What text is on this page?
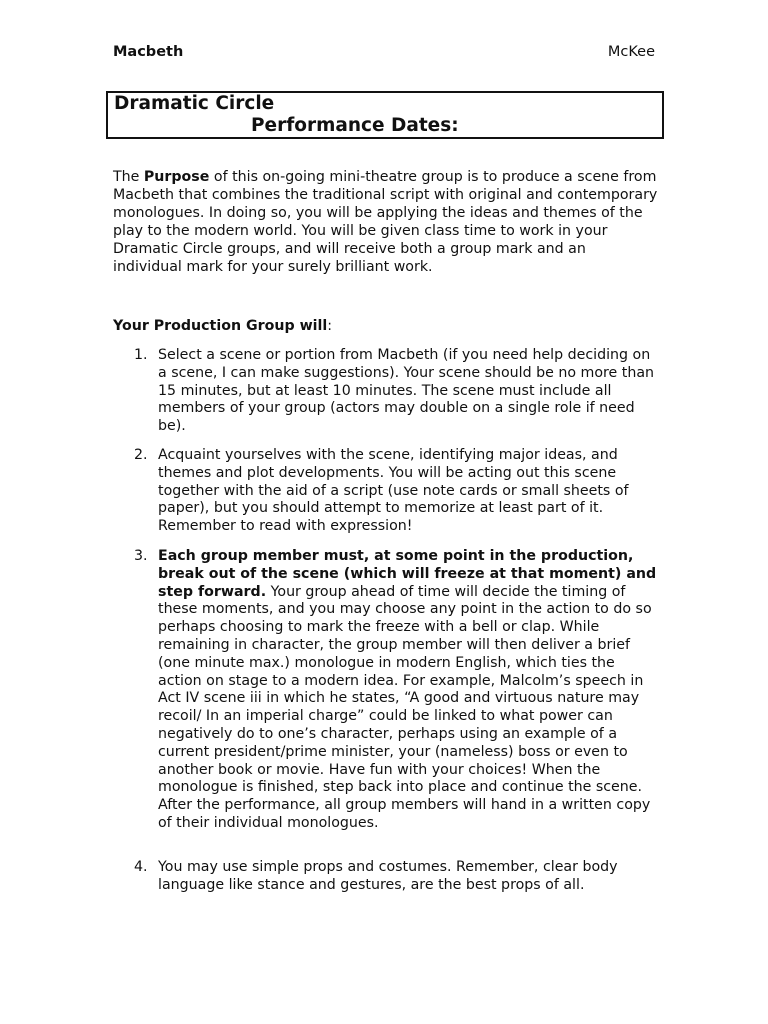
Macbeth	McKee
Dramatic Circle
Performance Dates:
The Purpose of this on-going mini-theatre group is to produce a scene from Macbeth that combines the traditional script with original and contemporary monologues. In doing so, you will be applying the ideas and themes of the play to the modern world. You will be given class time to work in your Dramatic Circle groups, and will receive both a group mark and an individual mark for your surely brilliant work.
Your Production Group will:
1. Select a scene or portion from Macbeth (if you need help deciding on a scene, I can make suggestions). Your scene should be no more than 15 minutes, but at least 10 minutes. The scene must include all members of your group (actors may double on a single role if need be).
2. Acquaint yourselves with the scene, identifying major ideas, and themes and plot developments. You will be acting out this scene together with the aid of a script (use note cards or small sheets of paper), but you should attempt to memorize at least part of it. Remember to read with expression!
3. Each group member must, at some point in the production, break out of the scene (which will freeze at that moment) and step forward. Your group ahead of time will decide the timing of these moments, and you may choose any point in the action to do so perhaps choosing to mark the freeze with a bell or clap. While remaining in character, the group member will then deliver a brief (one minute max.) monologue in modern English, which ties the action on stage to a modern idea. For example, Malcolm’s speech in Act IV scene iii in which he states, “A good and virtuous nature may recoil/ In an imperial charge” could be linked to what power can negatively do to one’s character, perhaps using an example of a current president/prime minister, your (nameless) boss or even to another book or movie. Have fun with your choices! When the monologue is finished, step back into place and continue the scene. After the performance, all group members will hand in a written copy of their individual monologues.
4. You may use simple props and costumes. Remember, clear body language like stance and gestures, are the best props of all.
